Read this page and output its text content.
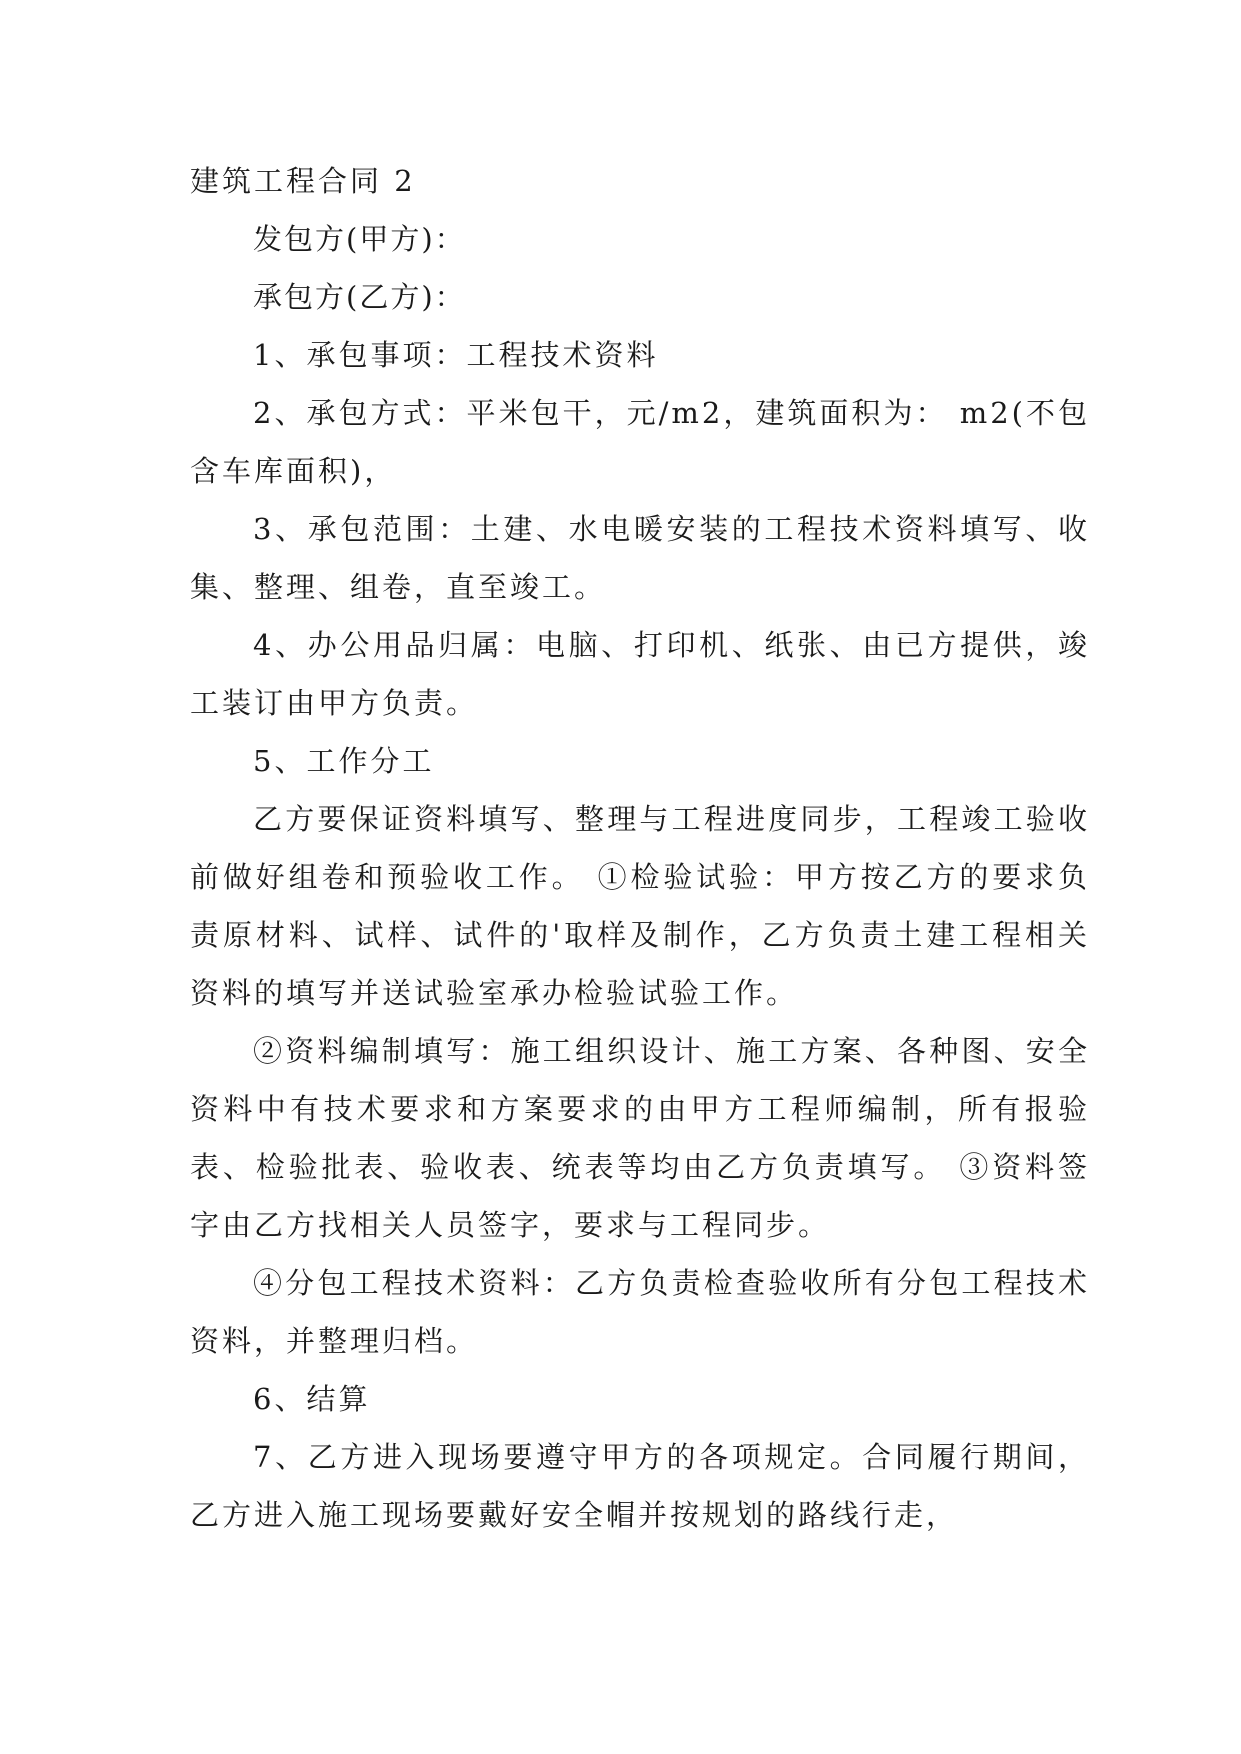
建筑工程合同 2

发包方(甲方)：

承包方(乙方)：

1、承包事项：工程技术资料

2、承包方式：平米包干，元/m2，建筑面积为： m2(不包含车库面积)，

3、承包范围：土建、水电暖安装的工程技术资料填写、收集、整理、组卷，直至竣工。

4、办公用品归属：电脑、打印机、纸张、由已方提供，竣工装订由甲方负责。

5、工作分工

乙方要保证资料填写、整理与工程进度同步，工程竣工验收前做好组卷和预验收工作。 ①检验试验：甲方按乙方的要求负责原材料、试样、试件的'取样及制作，乙方负责土建工程相关资料的填写并送试验室承办检验试验工作。

②资料编制填写：施工组织设计、施工方案、各种图、安全资料中有技术要求和方案要求的由甲方工程师编制，所有报验表、检验批表、验收表、统表等均由乙方负责填写。 ③资料签字由乙方找相关人员签字，要求与工程同步。

④分包工程技术资料：乙方负责检查验收所有分包工程技术资料，并整理归档。

6、结算

7、乙方进入现场要遵守甲方的各项规定。合同履行期间，乙方进入施工现场要戴好安全帽并按规划的路线行走，
